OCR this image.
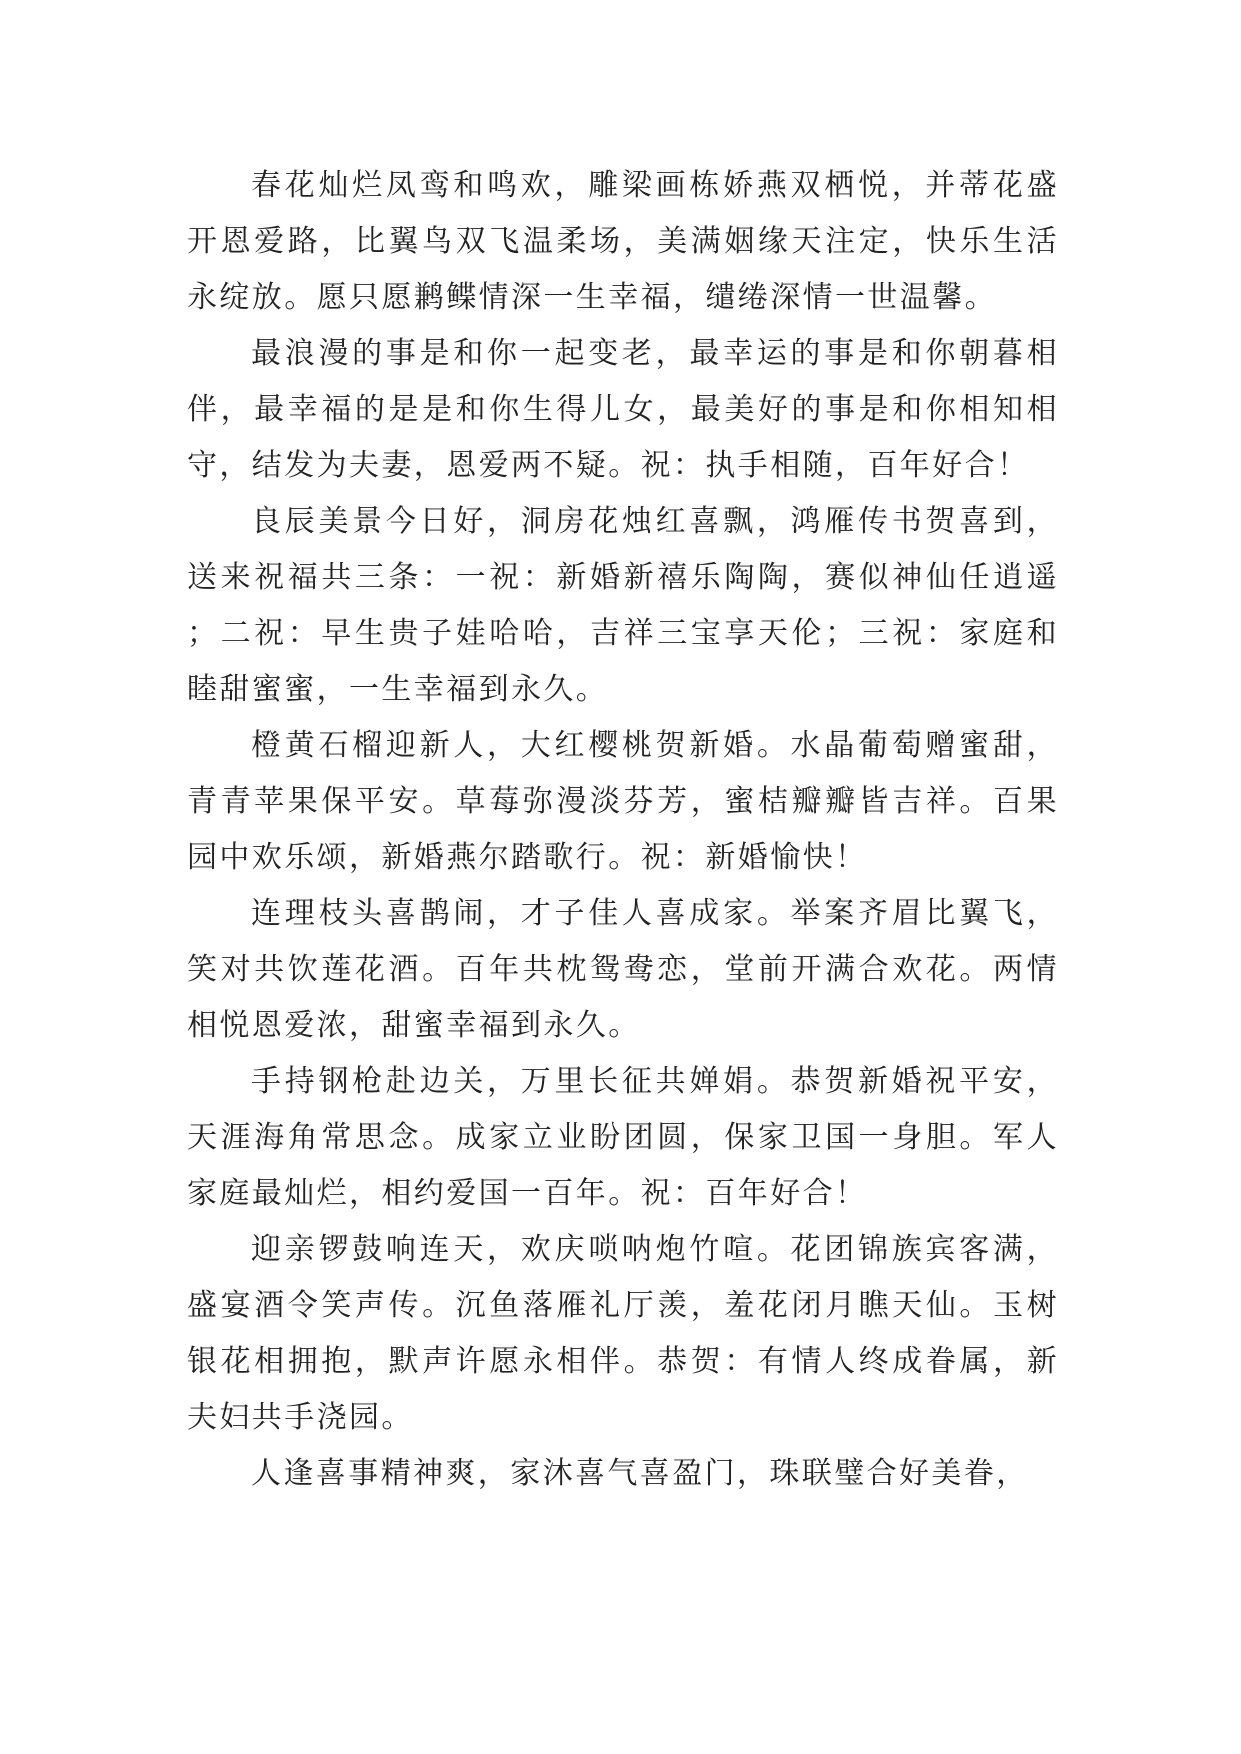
春花灿烂凤鸾和鸣欢，雕梁画栋娇燕双栖悦，并蒂花盛开恩爱路，比翼鸟双飞温柔场，美满姻缘天注定，快乐生活永绽放。愿只愿鹣鲽情深一生幸福，缱绻深情一世温馨。

最浪漫的事是和你一起变老，最幸运的事是和你朝暮相伴，最幸福的是是和你生得儿女，最美好的事是和你相知相守，结发为夫妻，恩爱两不疑。祝：执手相随，百年好合！

良辰美景今日好，洞房花烛红喜飘，鸿雁传书贺喜到，送来祝福共三条：一祝：新婚新禧乐陶陶，赛似神仙任逍遥；二祝：早生贵子娃哈哈，吉祥三宝享天伦；三祝：家庭和睦甜蜜蜜，一生幸福到永久。

橙黄石榴迎新人，大红樱桃贺新婚。水晶葡萄赠蜜甜，青青苹果保平安。草莓弥漫淡芬芳，蜜桔瓣瓣皆吉祥。百果园中欢乐颂，新婚燕尔踏歌行。祝：新婚愉快！

连理枝头喜鹊闹，才子佳人喜成家。举案齐眉比翼飞，笑对共饮莲花酒。百年共枕鸳鸯恋，堂前开满合欢花。两情相悦恩爱浓，甜蜜幸福到永久。

手持钢枪赴边关，万里长征共婵娟。恭贺新婚祝平安，天涯海角常思念。成家立业盼团圆，保家卫国一身胆。军人家庭最灿烂，相约爱国一百年。祝：百年好合！

迎亲锣鼓响连天，欢庆唢呐炮竹喧。花团锦族宾客满，盛宴酒令笑声传。沉鱼落雁礼厅羡，羞花闭月瞧天仙。玉树银花相拥抱，默声许愿永相伴。恭贺：有情人终成眷属，新夫妇共手浇园。

人逢喜事精神爽，家沐喜气喜盈门，珠联璧合好美眷，
